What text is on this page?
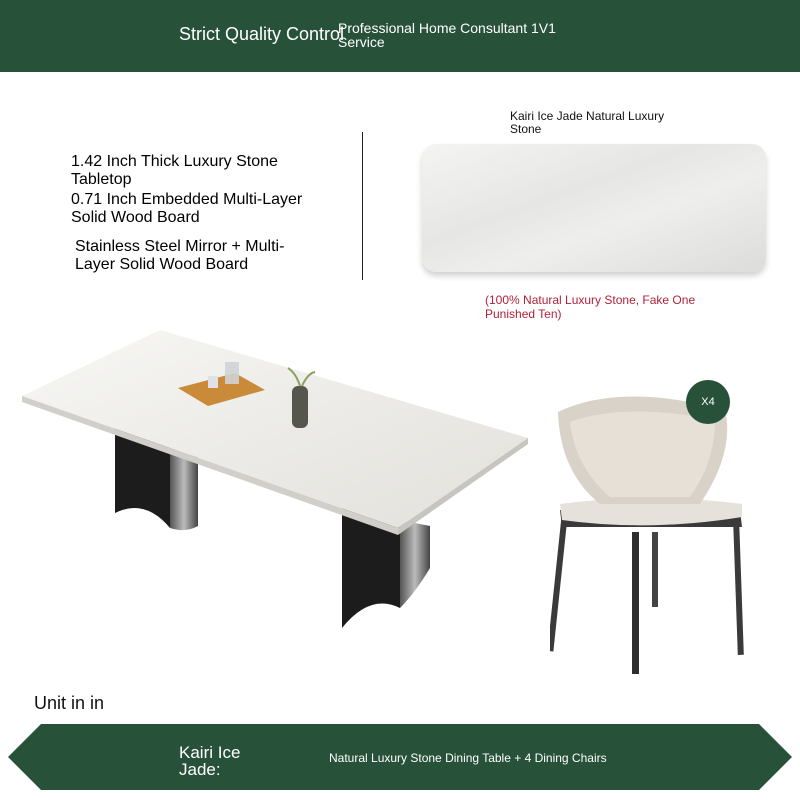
Strict Quality Control
Professional Home Consultant 1V1 Service
1.42 Inch Thick Luxury Stone Tabletop
0.71 Inch Embedded Multi-Layer Solid Wood Board
Stainless Steel Mirror + Multi-Layer Solid Wood Board
Kairi Ice Jade Natural Luxury Stone
(100% Natural Luxury Stone, Fake One Punished Ten)
X4
Unit in in
Kairi Ice Jade:
Natural Luxury Stone Dining Table + 4 Dining Chairs
